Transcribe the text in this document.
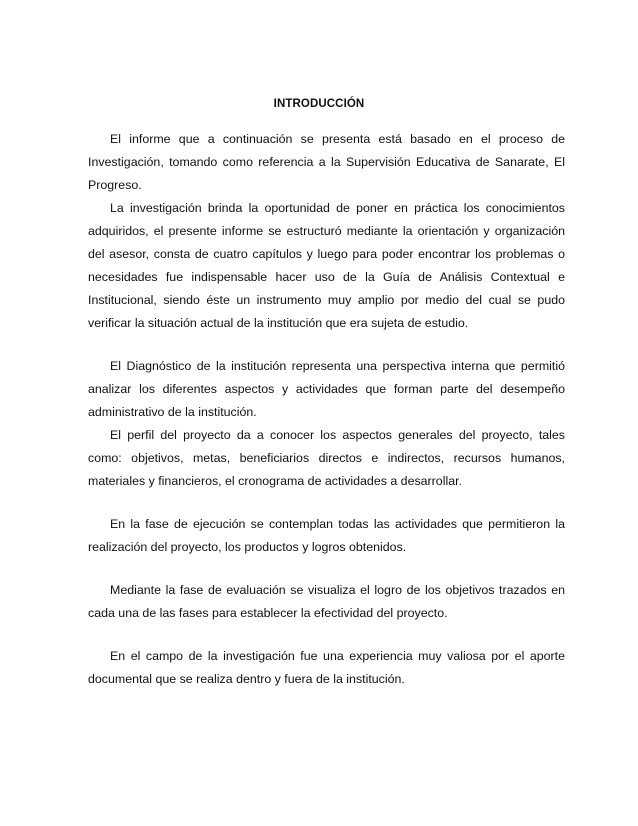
INTRODUCCIÓN

El informe que a continuación se presenta está basado en el proceso de Investigación, tomando como referencia a la Supervisión Educativa de Sanarate, El Progreso.

La investigación brinda la oportunidad de poner en práctica los conocimientos adquiridos, el presente informe se estructuró mediante la orientación y organización del asesor, consta de cuatro capítulos y luego para poder encontrar los problemas o necesidades fue indispensable hacer uso de la Guía de Análisis Contextual e Institucional, siendo éste un instrumento muy amplio por medio del cual se pudo verificar la situación actual de la institución que era sujeta de estudio.

El Diagnóstico de la institución representa una perspectiva interna que permitió analizar los diferentes aspectos y actividades que forman parte del desempeño administrativo de la institución.

El perfil del proyecto da a conocer los aspectos generales del proyecto, tales como: objetivos, metas, beneficiarios directos e indirectos, recursos humanos, materiales y financieros, el cronograma de actividades a desarrollar.

En la fase de ejecución se contemplan todas las actividades que permitieron la realización del proyecto, los productos y logros obtenidos.

Mediante la fase de evaluación se visualiza el logro de los objetivos trazados en cada una de las fases para establecer la efectividad del proyecto.

En el campo de la investigación fue una experiencia muy valiosa por el aporte documental que se realiza dentro y fuera de la institución.
